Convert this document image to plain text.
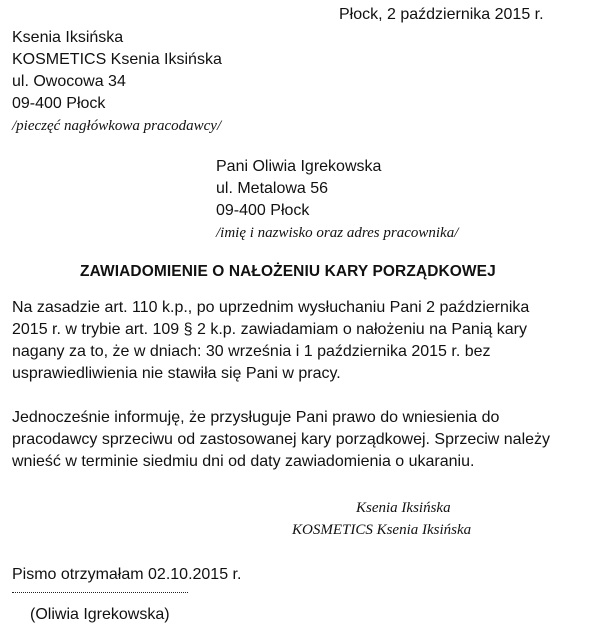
Płock, 2 października 2015 r.
Ksenia Iksińska
KOSMETICS Ksenia Iksińska
ul. Owocowa 34
09-400 Płock
/pieczęć nagłówkowa pracodawcy/
Pani Oliwia Igrekowska
ul. Metalowa 56
09-400 Płock
/imię i nazwisko oraz adres pracownika/
ZAWIADOMIENIE O NAŁOŻENIU KARY PORZĄDKOWEJ
Na zasadzie art. 110 k.p., po uprzednim wysłuchaniu Pani 2 października
2015 r. w trybie art. 109 § 2 k.p. zawiadamiam o nałożeniu na Panią kary
nagany za to, że w dniach: 30 września i 1 października 2015 r. bez
usprawiedliwienia nie stawiła się Pani w pracy.
Jednocześnie informuję, że przysługuje Pani prawo do wniesienia do
pracodawcy sprzeciwu od zastosowanej kary porządkowej. Sprzeciw należy
wnieść w terminie siedmiu dni od daty zawiadomienia o ukaraniu.
Ksenia Iksińska
KOSMETICS Ksenia Iksińska
Pismo otrzymałam 02.10.2015 r.
(Oliwia Igrekowska)
